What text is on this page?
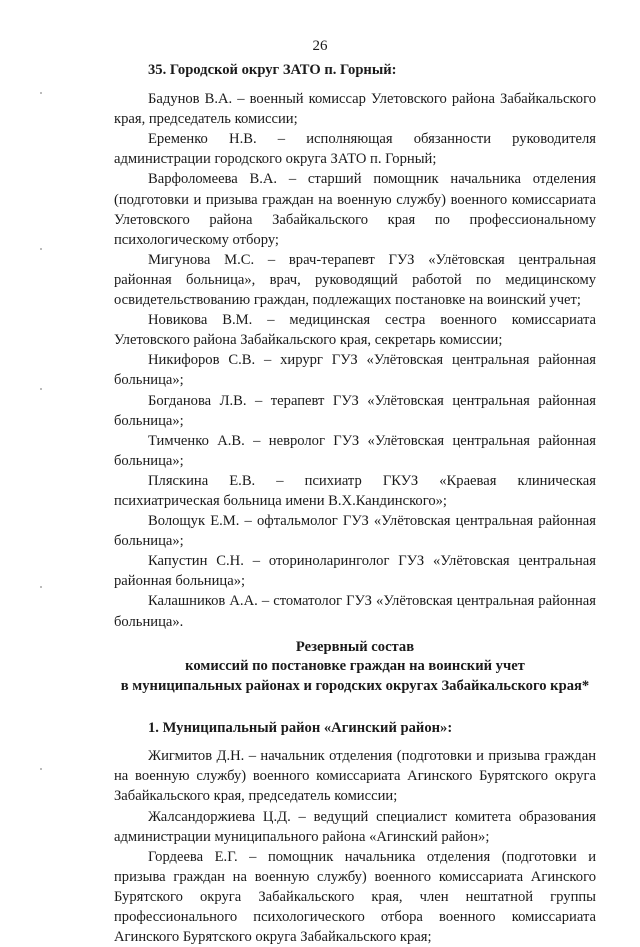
26

35. Городской округ ЗАТО п. Горный:

Бадунов В.А. – военный комиссар Улетовского района Забайкальского края, председатель комиссии;

Еременко Н.В. – исполняющая обязанности руководителя администрации городского округа ЗАТО п. Горный;

Варфоломеева В.А. – старший помощник начальника отделения (подготовки и призыва граждан на военную службу) военного комиссариата Улетовского района Забайкальского края по профессиональному психологическому отбору;

Мигунова М.С. – врач-терапевт ГУЗ «Улётовская центральная районная больница», врач, руководящий работой по медицинскому освидетельствованию граждан, подлежащих постановке на воинский учет;

Новикова В.М. – медицинская сестра военного комиссариата Улетовского района Забайкальского края, секретарь комиссии;

Никифоров С.В. – хирург ГУЗ «Улётовская центральная районная больница»;

Богданова Л.В. – терапевт ГУЗ «Улётовская центральная районная больница»;

Тимченко А.В. – невролог ГУЗ «Улётовская центральная районная больница»;

Пляскина Е.В. – психиатр ГКУЗ «Краевая клиническая психиатрическая больница имени В.Х.Кандинского»;

Волощук Е.М. – офтальмолог ГУЗ «Улётовская центральная районная больница»;

Капустин С.Н. – оториноларинголог ГУЗ «Улётовская центральная районная больница»;

Калашников А.А. – стоматолог ГУЗ «Улётовская центральная районная больница».

Резервный состав
комиссий по постановке граждан на воинский учет
в муниципальных районах и городских округах Забайкальского края*

1. Муниципальный район «Агинский район»:

Жигмитов Д.Н. – начальник отделения (подготовки и призыва граждан на военную службу) военного комиссариата Агинского Бурятского округа Забайкальского края, председатель комиссии;

Жалсандоржиева Ц.Д. – ведущий специалист комитета образования администрации муниципального района «Агинский район»;

Гордеева Е.Г. – помощник начальника отделения (подготовки и призыва граждан на военную службу) военного комиссариата Агинского Бурятского округа Забайкальского края, член нештатной группы профессионального психологического отбора военного комиссариата Агинского Бурятского округа Забайкальского края;
